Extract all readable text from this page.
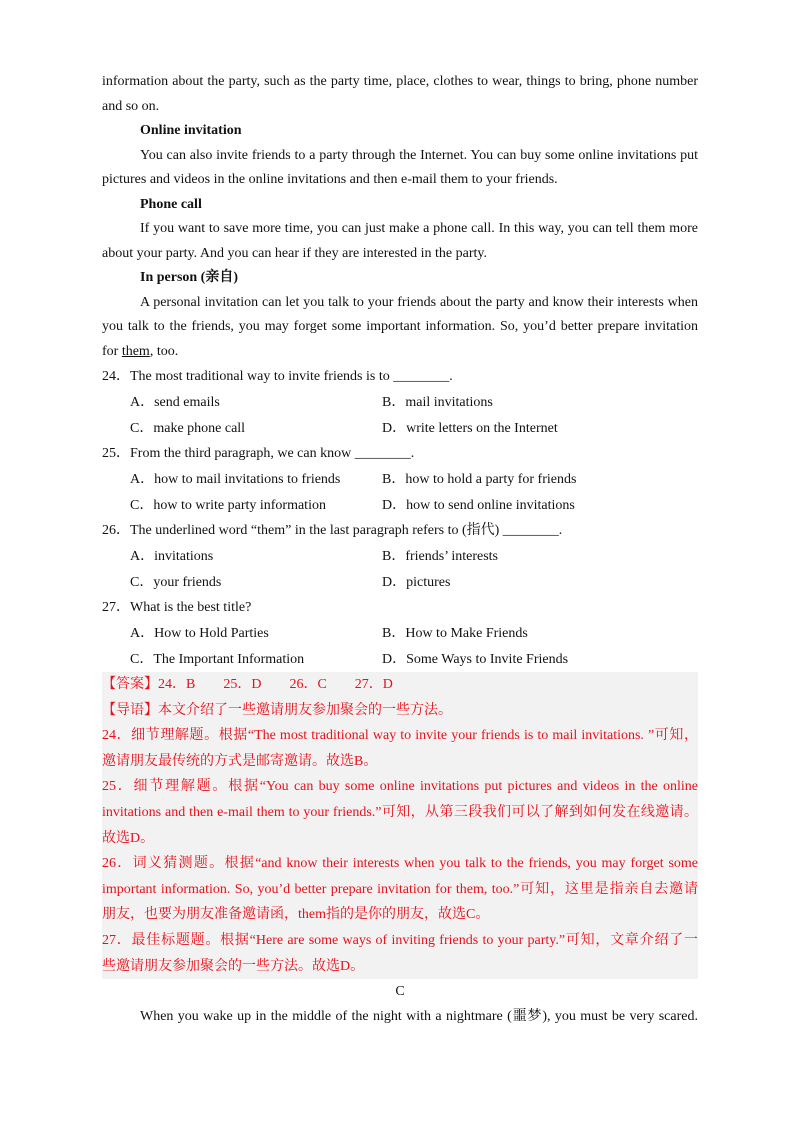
information about the party, such as the party time, place, clothes to wear, things to bring, phone number
and so on.
Online invitation
You can also invite friends to a party through the Internet. You can buy some online invitations put
pictures and videos in the online invitations and then e-mail them to your friends.
Phone call
If you want to save more time, you can just make a phone call. In this way, you can tell them more
about your party. And you can hear if they are interested in the party.
In person (亲自)
A personal invitation can let you talk to your friends about the party and know their interests when
you talk to the friends, you may forget some important information. So, you’d better prepare invitation
for them, too.
24．The most traditional way to invite friends is to ________.
A．send emails	B．mail invitations
C．make phone call	D．write letters on the Internet
25．From the third paragraph, we can know ________.
A．how to mail invitations to friends	B．how to hold a party for friends
C．how to write party information	D．how to send online invitations
26．The underlined word “them” in the last paragraph refers to (指代) ________.
A．invitations	B．friends’ interests
C．your friends	D．pictures
27．What is the best title?
A．How to Hold Parties	B．How to Make Friends
C．The Important Information	D．Some Ways to Invite Friends
【答案】24．B　　25．D　　26．C　　27．D
【导语】本文介绍了一些邀请朋友参加聚会的一些方法。
24．细节理解题。根据“The most traditional way to invite your friends is to mail invitations. ”可知，
邀请朋友最传统的方式是邮寄邀请。故选B。
25．细节理解题。根据“You can buy some online invitations put pictures and videos in the online
invitations and then e-mail them to your friends.”可知，从第三段我们可以了解到如何发在线邀请。
故选D。
26．词义猜测题。根据“and know their interests when you talk to the friends, you may forget some
important information. So, you’d better prepare invitation for them, too.”可知，这里是指亲自去邀请
朋友，也要为朋友准备邀请函，them指的是你的朋友，故选C。
27．最佳标题题。根据“Here are some ways of inviting friends to your party.”可知，文章介绍了一
些邀请朋友参加聚会的一些方法。故选D。
C
When you wake up in the middle of the night with a nightmare (噩梦), you must be very scared.
